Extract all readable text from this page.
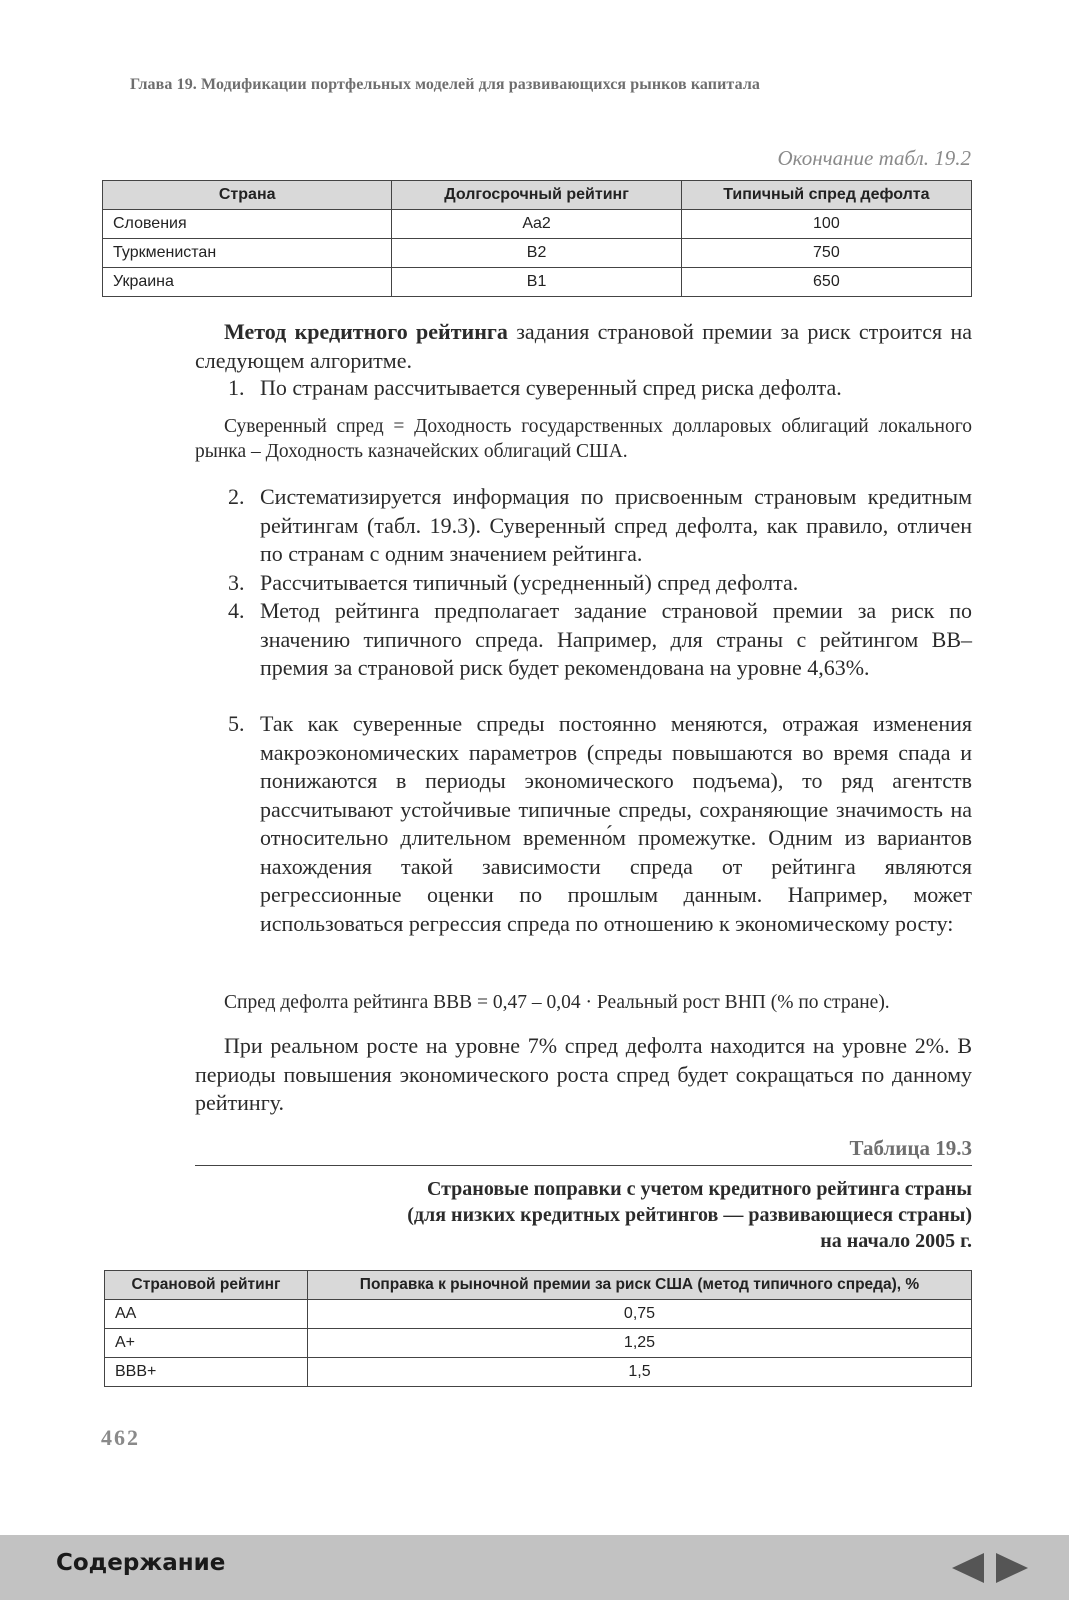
Глава 19. Модификации портфельных моделей для развивающихся рынков капитала
Окончание табл. 19.2
Страна	Долгосрочный рейтинг	Типичный спред дефолта
Словения	Aa2	100
Туркменистан	B2	750
Украина	B1	650

Метод кредитного рейтинга задания страновой премии за риск строится на следующем алгоритме.

1. По странам рассчитывается суверенный спред риска дефолта.

Суверенный спред = Доходность государственных долларовых облигаций локального рынка – Доходность казначейских облигаций США.

2. Систематизируется информация по присвоенным страновым кредитным рейтингам (табл. 19.3). Суверенный спред дефолта, как правило, отличен по странам с одним значением рейтинга.
3. Рассчитывается типичный (усредненный) спред дефолта.
4. Метод рейтинга предполагает задание страновой премии за риск по значению типичного спреда. Например, для страны с рейтингом BB– премия за страновой риск будет рекомендована на уровне 4,63%.
5. Так как суверенные спреды постоянно меняются, отражая изменения макроэкономических параметров (спреды повышаются во время спада и понижаются в периоды экономического подъема), то ряд агентств рассчитывают устойчивые типичные спреды, сохраняющие значимость на относительно длительном временно́м промежутке. Одним из вариантов нахождения такой зависимости спреда от рейтинга являются регрессионные оценки по прошлым данным. Например, может использоваться регрессия спреда по отношению к экономическому росту:

Спред дефолта рейтинга BBB = 0,47 – 0,04 · Реальный рост ВНП (% по стране).

При реальном росте на уровне 7% спред дефолта находится на уровне 2%. В периоды повышения экономического роста спред будет сокращаться по данному рейтингу.

Таблица 19.3
Страновые поправки с учетом кредитного рейтинга страны
(для низких кредитных рейтингов — развивающиеся страны)
на начало 2005 г.
Страновой рейтинг	Поправка к рыночной премии за риск США (метод типичного спреда), %
AA	0,75
A+	1,25
BBB+	1,5
462
Содержание
